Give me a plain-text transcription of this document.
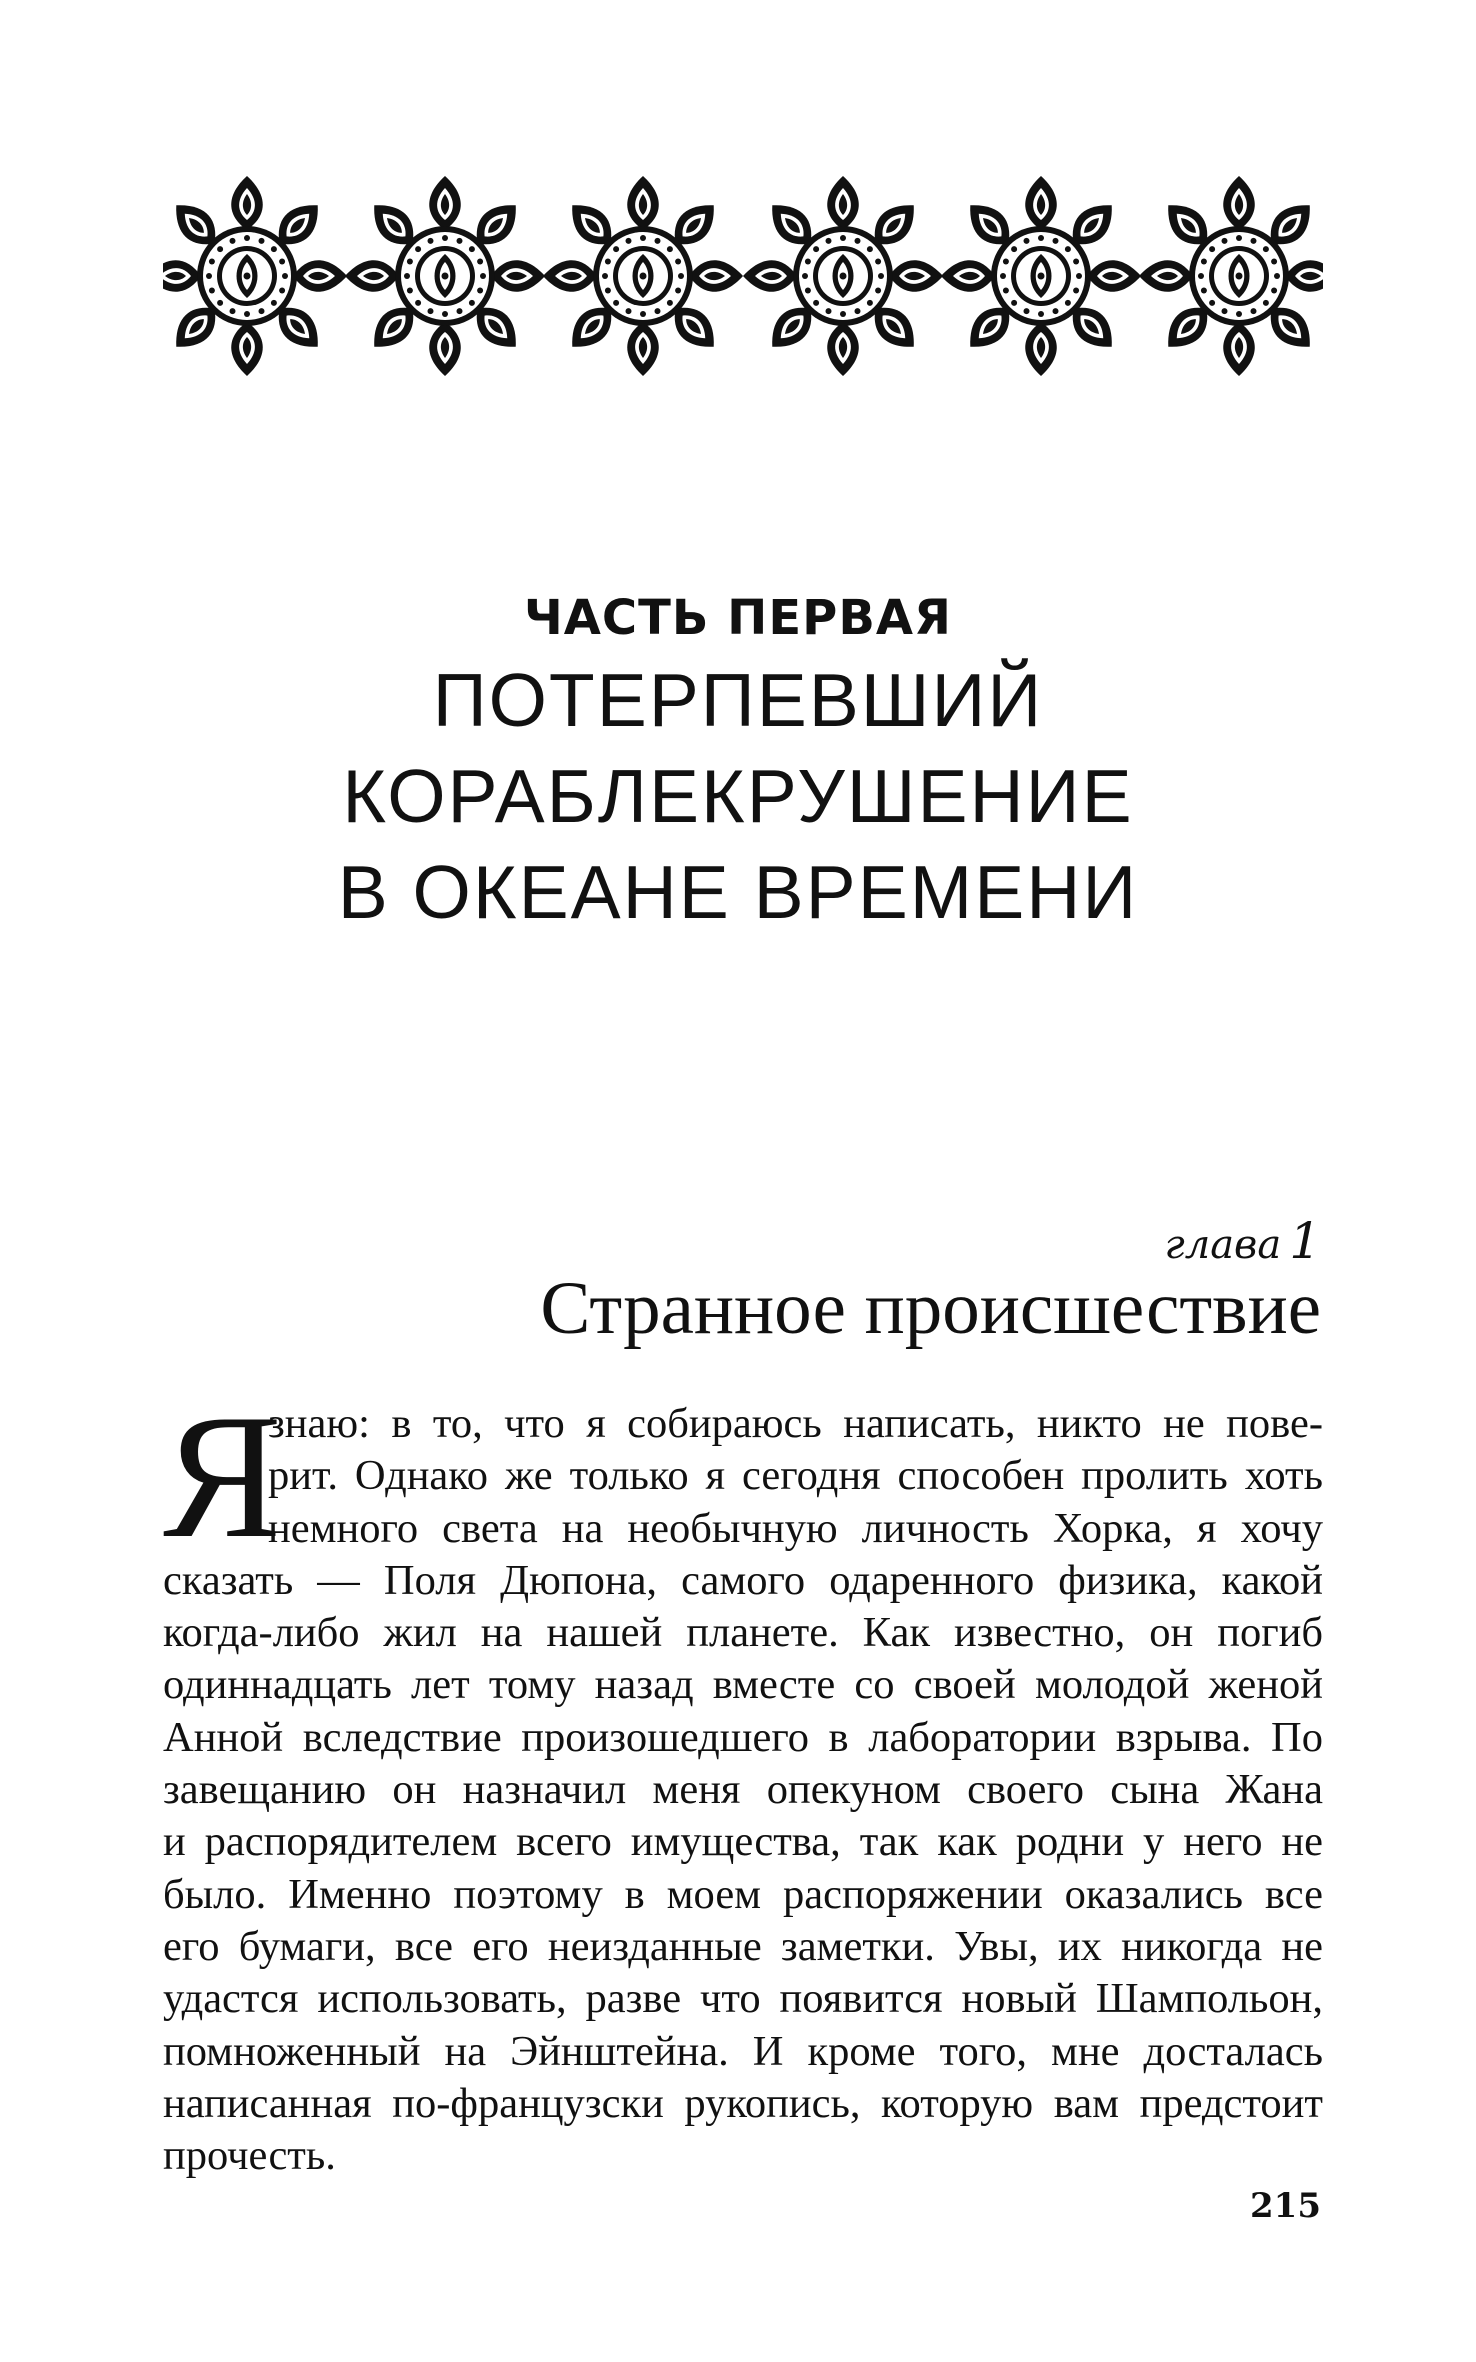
ЧАСТЬ ПЕРВАЯ
ПОТЕРПЕВШИЙ
КОРАБЛЕКРУШЕНИЕ
В ОКЕАНЕ ВРЕМЕНИ
глава 1
Странное происшествие
Я
знаю: в то, что я собираюсь написать, никто не пове-
рит. Однако же только я сегодня способен пролить хоть
немного света на необычную личность Хорка, я хочу
сказать — Поля Дюпона, самого одаренного физика, какой
когда-либо жил на нашей планете. Как известно, он погиб
одиннадцать лет тому назад вместе со своей молодой женой
Анной вследствие произошедшего в лаборатории взрыва. По
завещанию он назначил меня опекуном своего сына Жана
и распорядителем всего имущества, так как родни у него не
было. Именно поэтому в моем распоряжении оказались все
его бумаги, все его неизданные заметки. Увы, их никогда не
удастся использовать, разве что появится новый Шампольон,
помноженный на Эйнштейна. И кроме того, мне досталась
написанная по-французски рукопись, которую вам предстоит
прочесть.
215
